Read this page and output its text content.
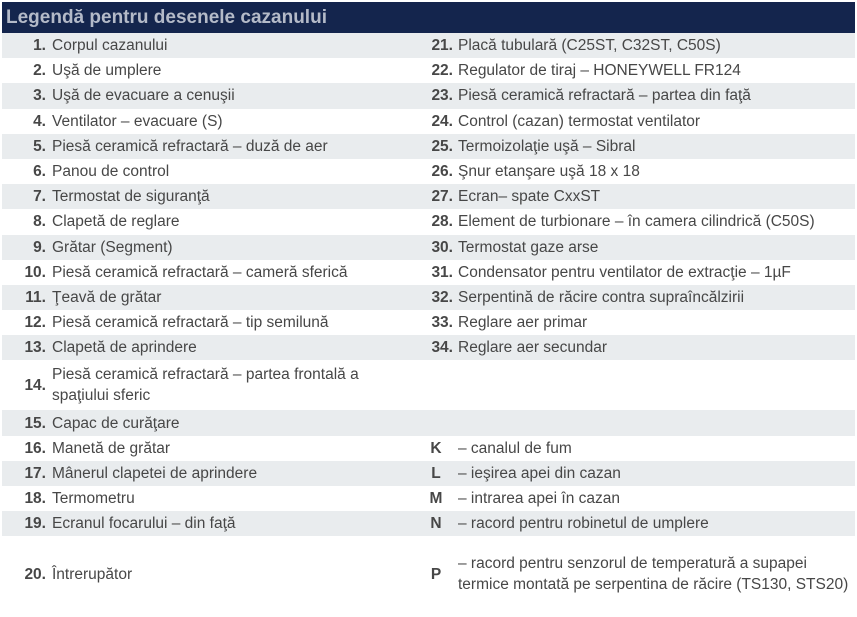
Legendă pentru desenele cazanului
1.	Corpul cazanului	21.	Placă tubulară (C25ST, C32ST, C50S)
2.	Uşă de umplere	22.	Regulator de tiraj – HONEYWELL FR124
3.	Uşă de evacuare a cenuşii	23.	Piesă ceramică refractară – partea din faţă
4.	Ventilator – evacuare (S)	24.	Control (cazan) termostat ventilator
5.	Piesă ceramică refractară – duză de aer	25.	Termoizolaţie uşă – Sibral
6.	Panou de control	26.	Şnur etanşare uşă 18 x 18
7.	Termostat de siguranţă	27.	Ecran– spate CxxST
8.	Clapetă de reglare	28.	Element de turbionare – în camera cilindrică (C50S)
9.	Grătar (Segment)	30.	Termostat gaze arse
10.	Piesă ceramică refractară – cameră sferică	31.	Condensator pentru ventilator de extracţie – 1µF
11.	Ţeavă de grătar	32.	Serpentină de răcire contra supraîncălzirii
12.	Piesă ceramică refractară – tip semilună	33.	Reglare aer primar
13.	Clapetă de aprindere	34.	Reglare aer secundar
14.	Piesă ceramică refractară – partea frontală a spaţiului sferic		
15.	Capac de curăţare		
16.	Manetă de grătar	K	– canalul de fum
17.	Mânerul clapetei de aprindere	L	– ieşirea apei din cazan
18.	Termometru	M	– intrarea apei în cazan
19.	Ecranul focarului – din faţă	N	– racord pentru robinetul de umplere
20.	Întrerupător	P	– racord pentru senzorul de temperatură a supapei termice montată pe serpentina de răcire (TS130, STS20)
